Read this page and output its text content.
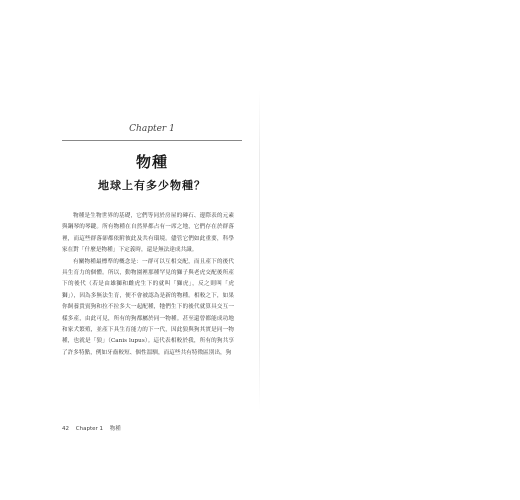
Chapter 1
物種
地球上有多少物種？

物種是生物世界的基礎，它們等同於房屋的磚石、邊際表的元素與鋼琴的琴鍵。所有物種在自然界都占有一席之地，它們存在於群落裡，而這些群落卻都依附彼此及共有環境。儘管它們如此重要，科學家在對「什麼是物種」下定義時，還是無法達成共識。

有關物種最標準的概念是：一群可以互相交配，而且產下的後代具生育力的個體。所以，動物園裡那種罕見的獅子與老虎交配後所產下的後代（若是由雄獅和雌虎生下的就叫「獅虎」，反之則叫「虎獅」），因為多無法生育，便不會被認為是新的物種。相較之下，如果你飼養貴賓狗和拉不拉多大一起配種，牠們生下的後代就算具交互一樣多產，由此可見，所有的狗都屬於同一物種。甚至還曾都能成功地和家犬繁殖，並產下具生育能力的下一代，因此狼與狗其實是同一物種，也就是「狼」（Canis lupus）。這代表相較於我，所有的狗共享了許多特點，例如牙齒較短、個性溫馴，而這些共有特徵區別出，狗

42 Chapter 1 物種
